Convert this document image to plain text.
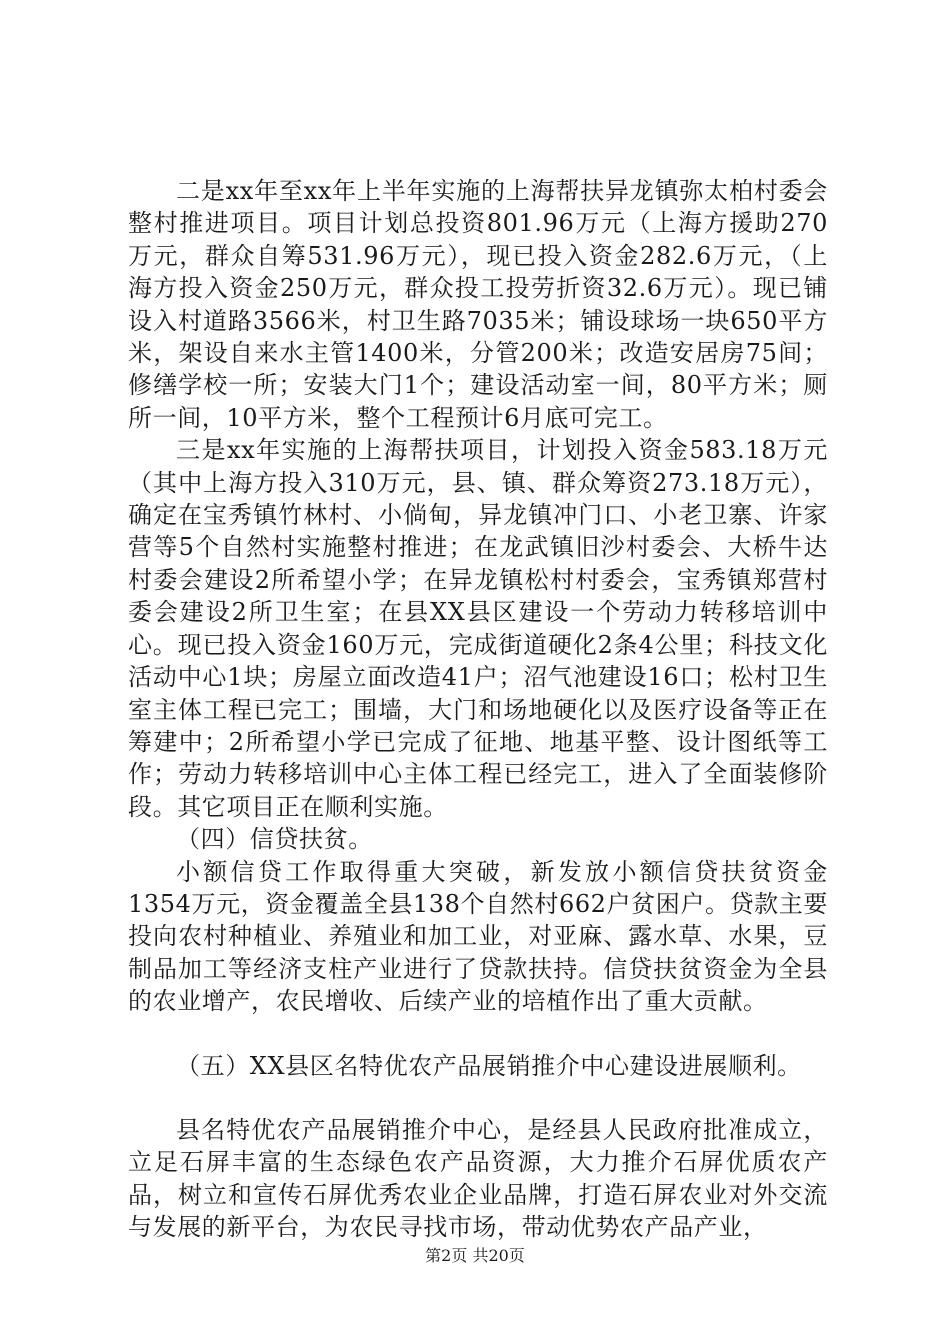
二是xx年至xx年上半年实施的上海帮扶异龙镇弥太柏村委会整村推进项目。项目计划总投资801.96万元（上海方援助270万元，群众自筹531.96万元），现已投入资金282.6万元，（上海方投入资金250万元，群众投工投劳折资32.6万元）。现已铺设入村道路3566米，村卫生路7035米；铺设球场一块650平方米，架设自来水主管1400米，分管200米；改造安居房75间；修缮学校一所；安装大门1个；建设活动室一间，80平方米；厕所一间，10平方米，整个工程预计6月底可完工。

三是xx年实施的上海帮扶项目，计划投入资金583.18万元（其中上海方投入310万元，县、镇、群众筹资273.18万元），确定在宝秀镇竹林村、小倘甸，异龙镇冲门口、小老卫寨、许家营等5个自然村实施整村推进；在龙武镇旧沙村委会、大桥牛达村委会建设2所希望小学；在异龙镇松村村委会，宝秀镇郑营村委会建设2所卫生室；在县XX县区建设一个劳动力转移培训中心。现已投入资金160万元，完成街道硬化2条4公里；科技文化活动中心1块；房屋立面改造41户；沼气池建设16口；松村卫生室主体工程已完工；围墙，大门和场地硬化以及医疗设备等正在筹建中；2所希望小学已完成了征地、地基平整、设计图纸等工作；劳动力转移培训中心主体工程已经完工，进入了全面装修阶段。其它项目正在顺利实施。

（四）信贷扶贫。

小额信贷工作取得重大突破，新发放小额信贷扶贫资金1354万元，资金覆盖全县138个自然村662户贫困户。贷款主要投向农村种植业、养殖业和加工业，对亚麻、露水草、水果，豆制品加工等经济支柱产业进行了贷款扶持。信贷扶贫资金为全县的农业增产，农民增收、后续产业的培植作出了重大贡献。

（五）XX县区名特优农产品展销推介中心建设进展顺利。

县名特优农产品展销推介中心，是经县人民政府批准成立，立足石屏丰富的生态绿色农产品资源，大力推介石屏优质农产品，树立和宣传石屏优秀农业企业品牌，打造石屏农业对外交流与发展的新平台，为农民寻找市场，带动优势农产品产业，

第2页 共20页
